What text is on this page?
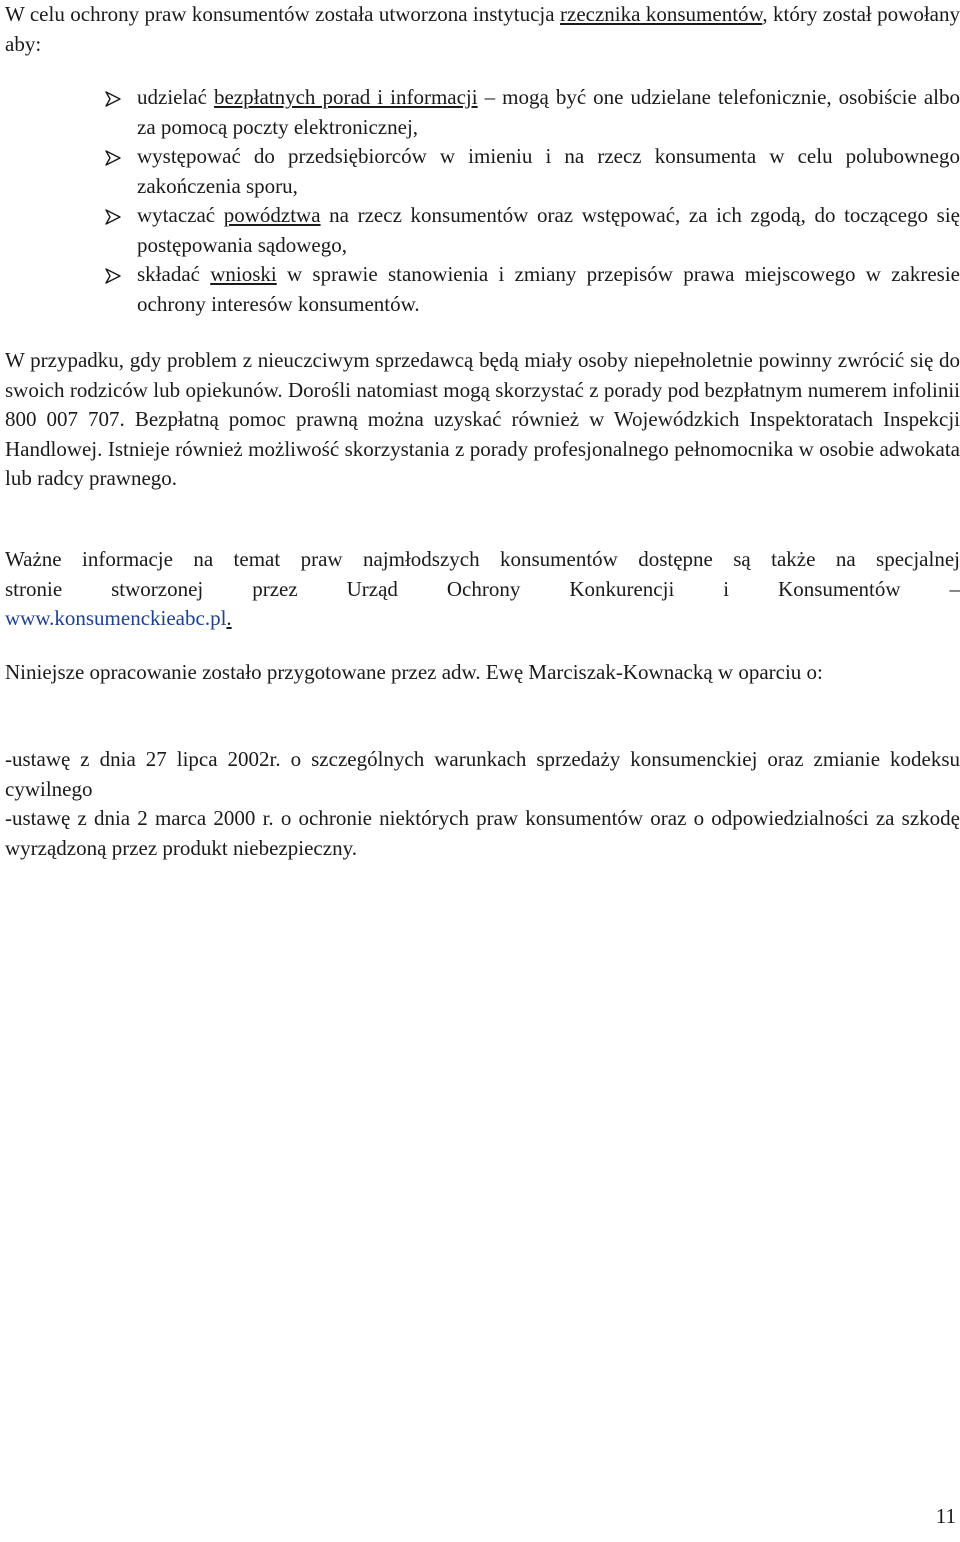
W celu ochrony praw konsumentów została utworzona instytucja rzecznika konsumentów, który został powołany aby:

udzielać bezpłatnych porad i informacji – mogą być one udzielane telefonicznie, osobiście albo za pomocą poczty elektronicznej,
występować do przedsiębiorców w imieniu i na rzecz konsumenta w celu polubownego zakończenia sporu,
wytaczać powództwa na rzecz konsumentów oraz wstępować, za ich zgodą, do toczącego się postępowania sądowego,
składać wnioski w sprawie stanowienia i zmiany przepisów prawa miejscowego w zakresie ochrony interesów konsumentów.

W przypadku, gdy problem z nieuczciwym sprzedawcą będą miały osoby niepełnoletnie powinny zwrócić się do swoich rodziców lub opiekunów. Dorośli natomiast mogą skorzystać z porady pod bezpłatnym numerem infolinii 800 007 707. Bezpłatną pomoc prawną można uzyskać również w Wojewódzkich Inspektoratach Inspekcji Handlowej. Istnieje również możliwość skorzystania z porady profesjonalnego pełnomocnika w osobie adwokata lub radcy prawnego.

Ważne informacje na temat praw najmłodszych konsumentów dostępne są także na specjalnej
stronie stworzonej przez Urząd Ochrony Konkurencji i Konsumentów –
www.konsumenckieabc.pl.

Niniejsze opracowanie zostało przygotowane przez adw. Ewę Marciszak-Kownacką w oparciu o:

-ustawę z dnia 27 lipca 2002r. o szczególnych warunkach sprzedaży konsumenckiej oraz zmianie kodeksu cywilnego

-ustawę z dnia 2 marca 2000 r. o ochronie niektórych praw konsumentów oraz o odpowiedzialności za szkodę wyrządzoną przez produkt niebezpieczny.

11
